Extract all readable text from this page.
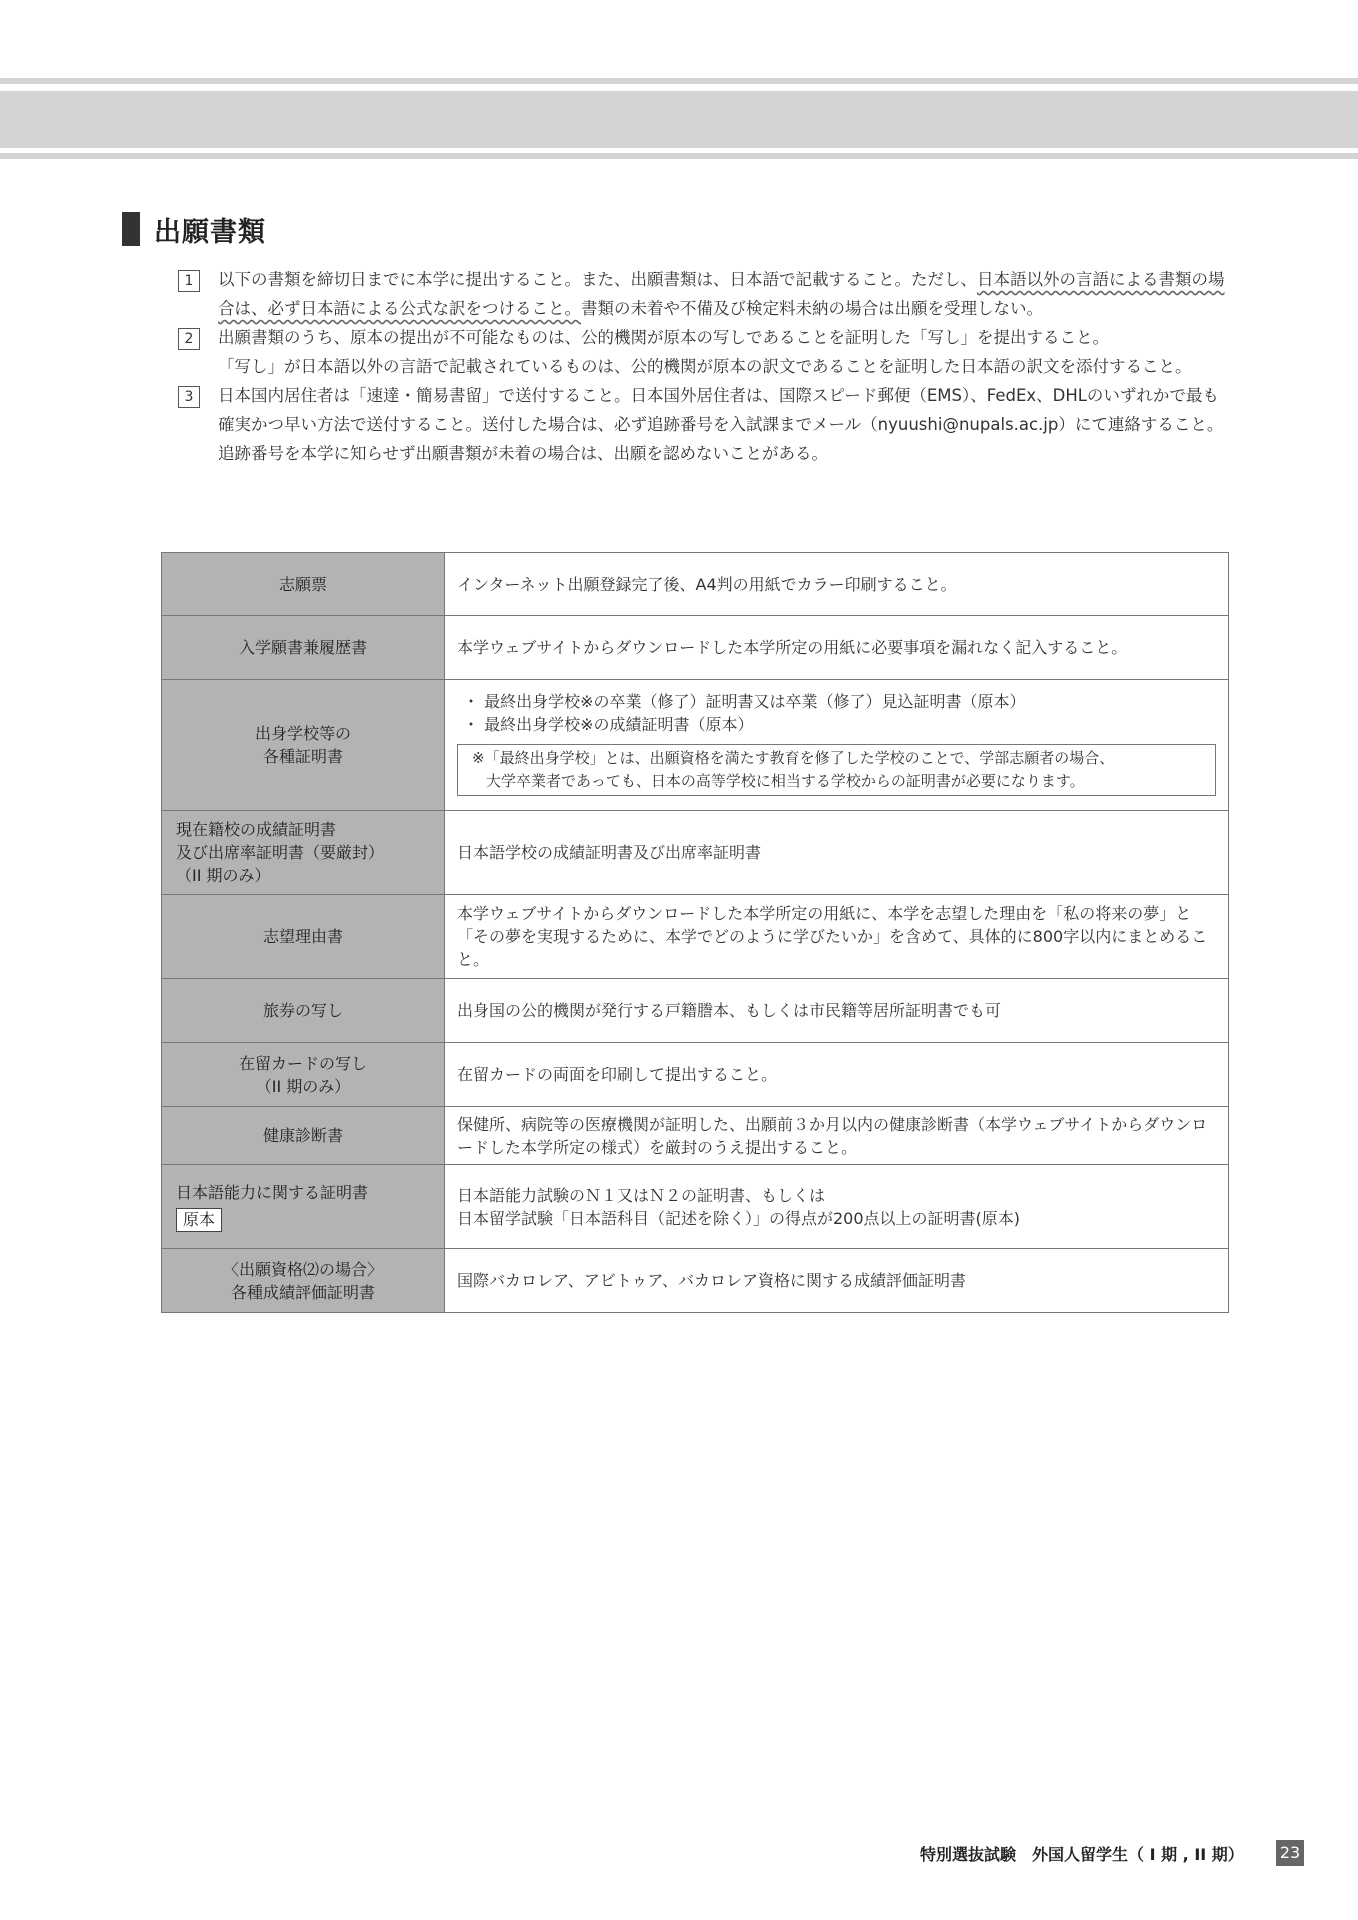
出願書類
1	以下の書類を締切日までに本学に提出すること。また、出願書類は、日本語で記載すること。ただし、日本語以外の言語による書類の場合は、必ず日本語による公式な訳をつけること。書類の未着や不備及び検定料未納の場合は出願を受理しない。
2	出願書類のうち、原本の提出が不可能なものは、公的機関が原本の写しであることを証明した「写し」を提出すること。
「写し」が日本語以外の言語で記載されているものは、公的機関が原本の訳文であることを証明した日本語の訳文を添付すること。
3	日本国内居住者は「速達・簡易書留」で送付すること。日本国外居住者は、国際スピード郵便（EMS）、FedEx、DHLのいずれかで最も確実かつ早い方法で送付すること。送付した場合は、必ず追跡番号を入試課までメール（nyuushi@nupals.ac.jp）にて連絡すること。追跡番号を本学に知らせず出願書類が未着の場合は、出願を認めないことがある。
志願票	インターネット出願登録完了後、A4判の用紙でカラー印刷すること。
入学願書兼履歴書	本学ウェブサイトからダウンロードした本学所定の用紙に必要事項を漏れなく記入すること。
出身学校等の
各種証明書	・ 最終出身学校※の卒業（修了）証明書又は卒業（修了）見込証明書（原本）
・ 最終出身学校※の成績証明書（原本）
※「最終出身学校」とは、出願資格を満たす教育を修了した学校のことで、学部志願者の場合、
大学卒業者であっても、日本の高等学校に相当する学校からの証明書が必要になります。

現在籍校の成績証明書
及び出席率証明書（要厳封）
（II 期のみ）	日本語学校の成績証明書及び出席率証明書
志望理由書	本学ウェブサイトからダウンロードした本学所定の用紙に、本学を志望した理由を「私の将来の夢」と「その夢を実現するために、本学でどのように学びたいか」を含めて、具体的に800字以内にまとめること。
旅券の写し	出身国の公的機関が発行する戸籍謄本、もしくは市民籍等居所証明書でも可
在留カードの写し
（II 期のみ）	在留カードの両面を印刷して提出すること。
健康診断書	保健所、病院等の医療機関が証明した、出願前３か月以内の健康診断書（本学ウェブサイトからダウンロードした本学所定の様式）を厳封のうえ提出すること。
日本語能力に関する証明書
原本	日本語能力試験のＮ１又はＮ２の証明書、もしくは
日本留学試験「日本語科目（記述を除く）」の得点が200点以上の証明書(原本)
〈出願資格⑵の場合〉
各種成績評価証明書	国際バカロレア、アビトゥア、バカロレア資格に関する成績評価証明書
特別選抜試験　外国人留学生（ I 期 , II 期） 23
